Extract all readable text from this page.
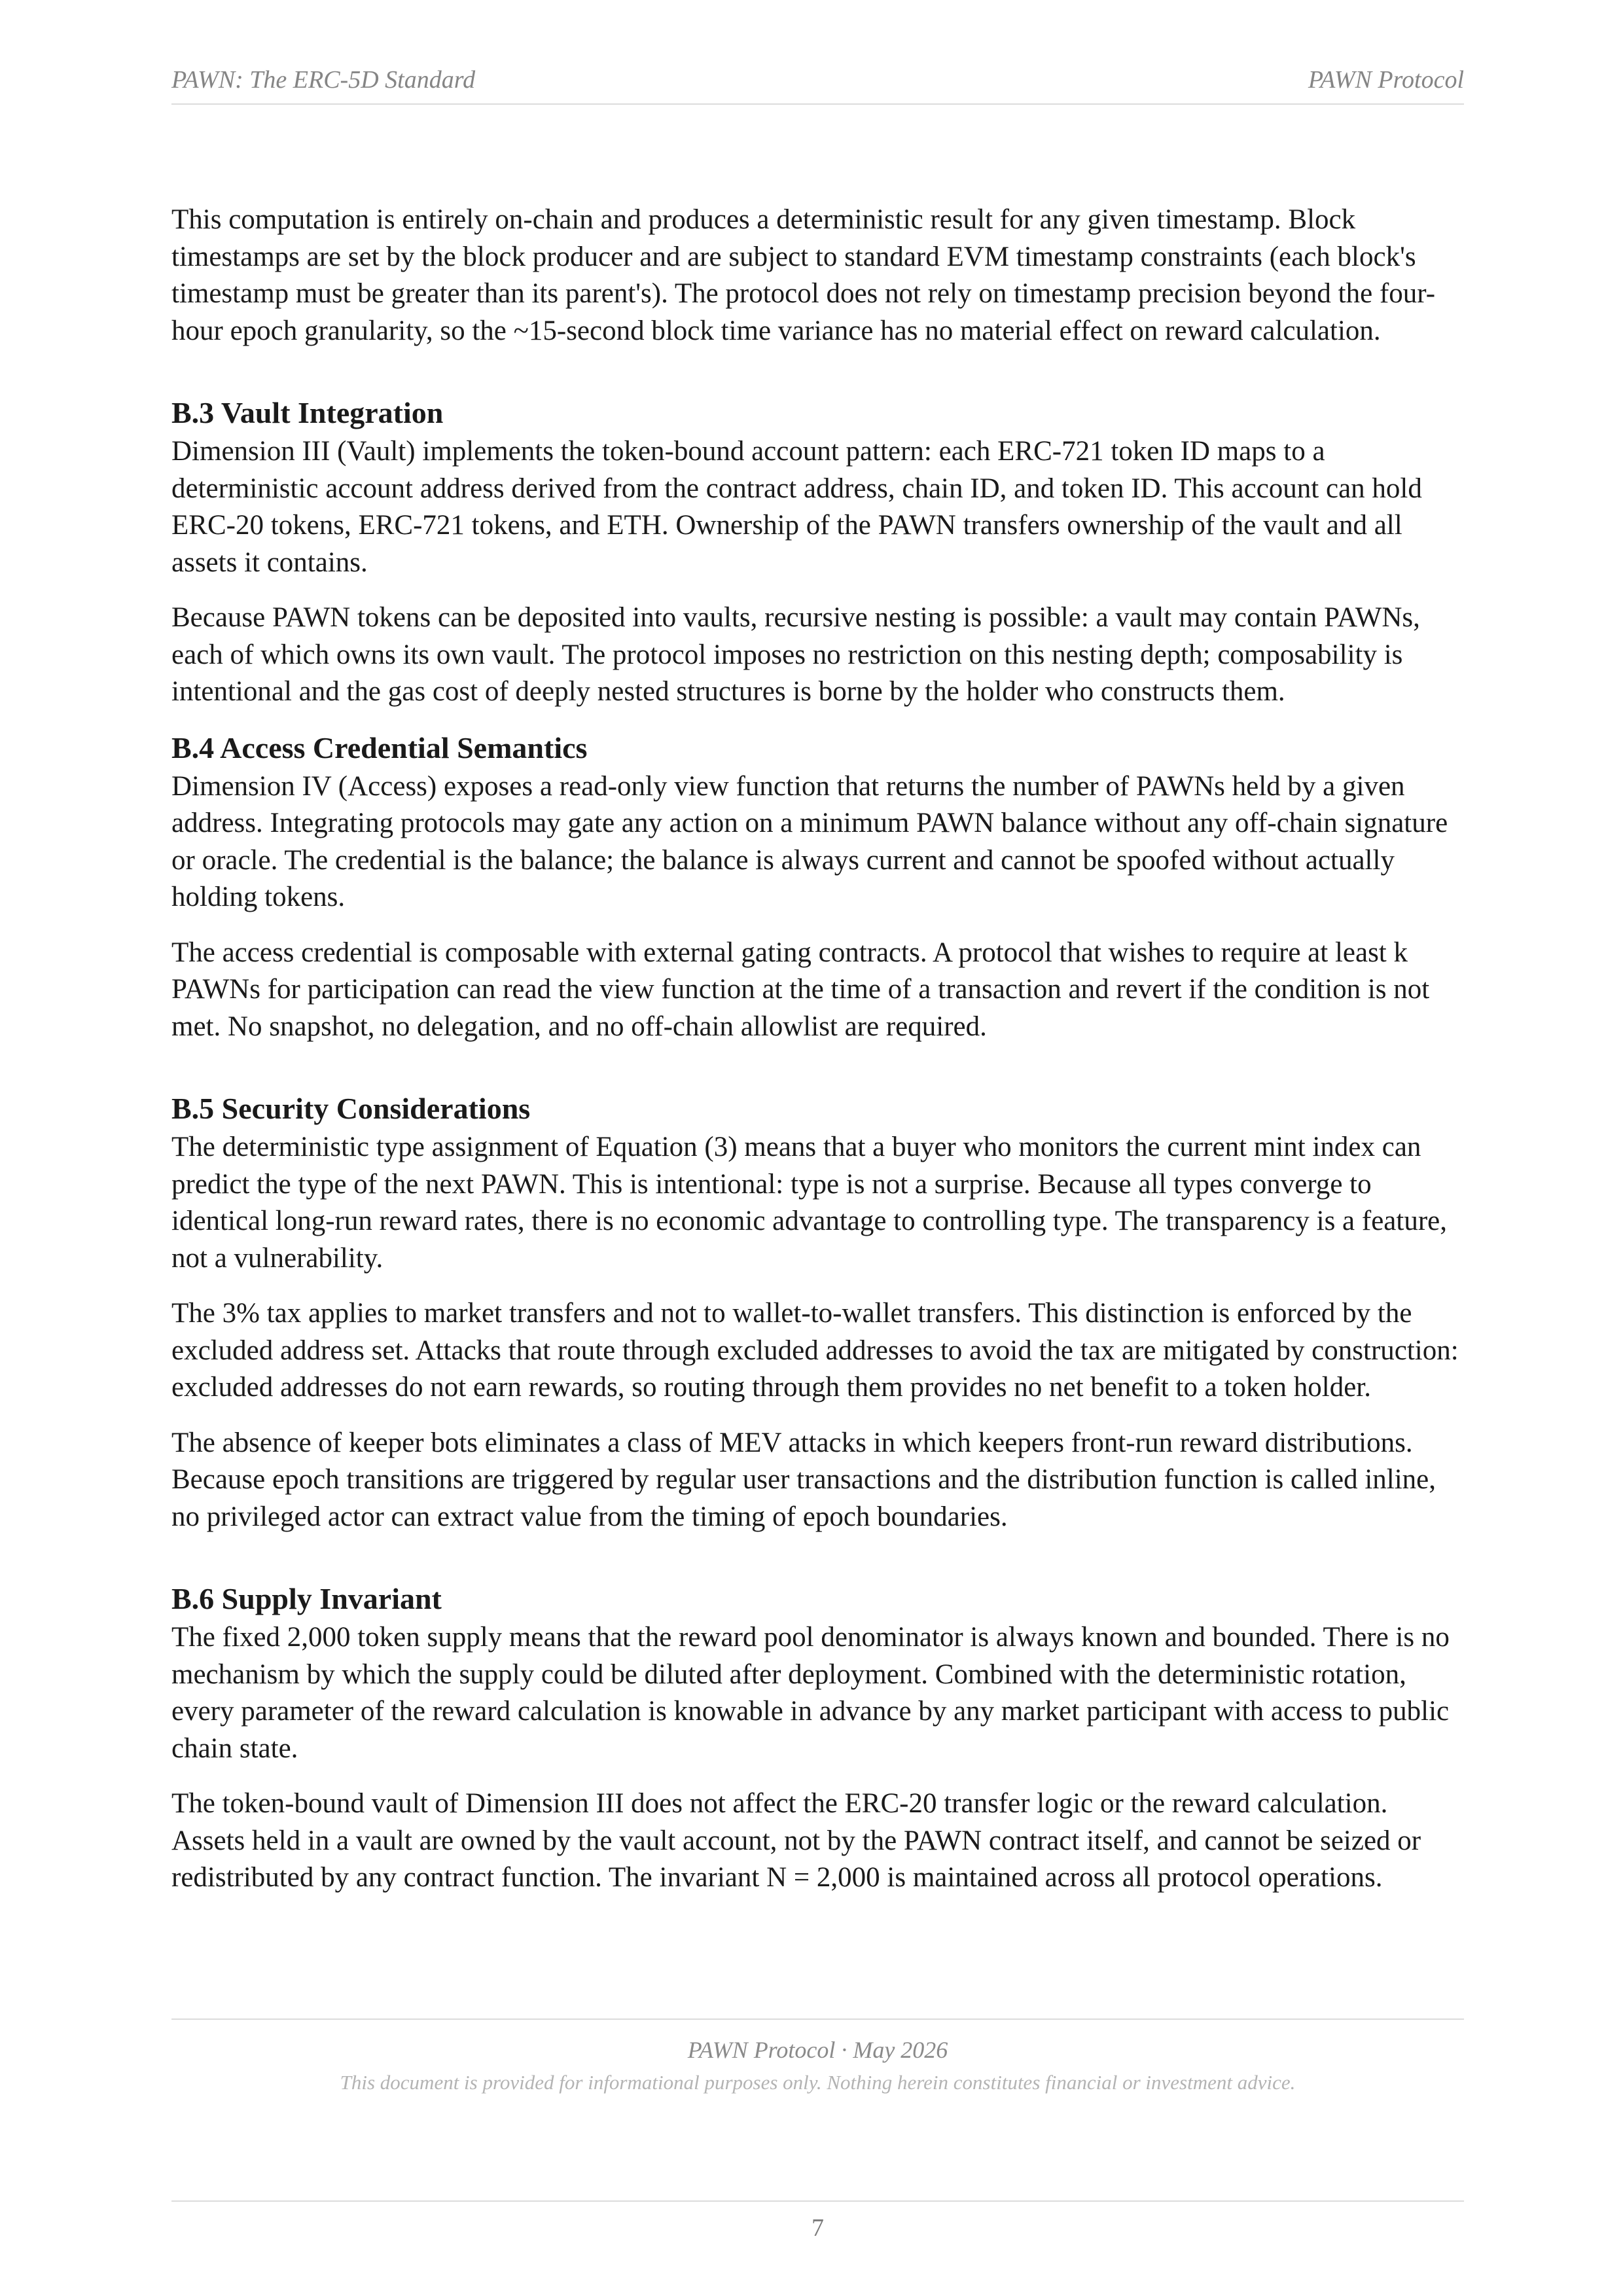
PAWN: The ERC-5D Standard	PAWN Protocol

This computation is entirely on-chain and produces a deterministic result for any given timestamp. Block timestamps are set by the block producer and are subject to standard EVM timestamp constraints (each block's timestamp must be greater than its parent's). The protocol does not rely on timestamp precision beyond the four-hour epoch granularity, so the ~15-second block time variance has no material effect on reward calculation.

B.3 Vault Integration

Dimension III (Vault) implements the token-bound account pattern: each ERC-721 token ID maps to a deterministic account address derived from the contract address, chain ID, and token ID. This account can hold ERC-20 tokens, ERC-721 tokens, and ETH. Ownership of the PAWN transfers ownership of the vault and all assets it contains.

Because PAWN tokens can be deposited into vaults, recursive nesting is possible: a vault may contain PAWNs, each of which owns its own vault. The protocol imposes no restriction on this nesting depth; composability is intentional and the gas cost of deeply nested structures is borne by the holder who constructs them.

B.4 Access Credential Semantics

Dimension IV (Access) exposes a read-only view function that returns the number of PAWNs held by a given address. Integrating protocols may gate any action on a minimum PAWN balance without any off-chain signature or oracle. The credential is the balance; the balance is always current and cannot be spoofed without actually holding tokens.

The access credential is composable with external gating contracts. A protocol that wishes to require at least k PAWNs for participation can read the view function at the time of a transaction and revert if the condition is not met. No snapshot, no delegation, and no off-chain allowlist are required.

B.5 Security Considerations

The deterministic type assignment of Equation (3) means that a buyer who monitors the current mint index can predict the type of the next PAWN. This is intentional: type is not a surprise. Because all types converge to identical long-run reward rates, there is no economic advantage to controlling type. The transparency is a feature, not a vulnerability.

The 3% tax applies to market transfers and not to wallet-to-wallet transfers. This distinction is enforced by the excluded address set. Attacks that route through excluded addresses to avoid the tax are mitigated by construction: excluded addresses do not earn rewards, so routing through them provides no net benefit to a token holder.

The absence of keeper bots eliminates a class of MEV attacks in which keepers front-run reward distributions. Because epoch transitions are triggered by regular user transactions and the distribution function is called inline, no privileged actor can extract value from the timing of epoch boundaries.

B.6 Supply Invariant

The fixed 2,000 token supply means that the reward pool denominator is always known and bounded. There is no mechanism by which the supply could be diluted after deployment. Combined with the deterministic rotation, every parameter of the reward calculation is knowable in advance by any market participant with access to public chain state.

The token-bound vault of Dimension III does not affect the ERC-20 transfer logic or the reward calculation. Assets held in a vault are owned by the vault account, not by the PAWN contract itself, and cannot be seized or redistributed by any contract function. The invariant N = 2,000 is maintained across all protocol operations.

PAWN Protocol · May 2026
This document is provided for informational purposes only. Nothing herein constitutes financial or investment advice.
7
